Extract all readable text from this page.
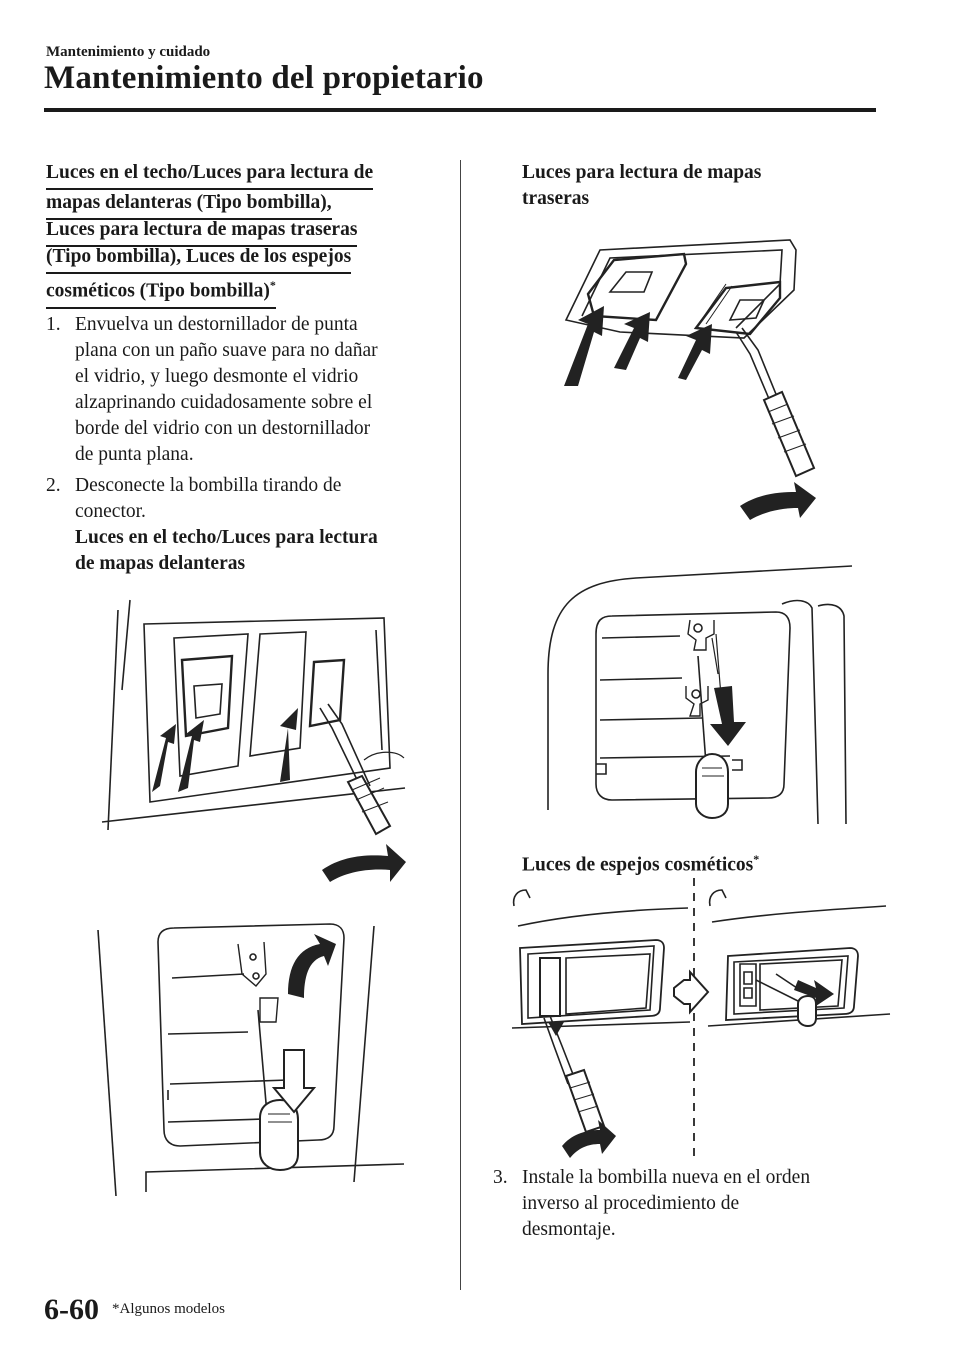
Mantenimiento y cuidado
Mantenimiento del propietario
Luces en el techo/Luces para lectura de
mapas delanteras (Tipo bombilla),
Luces para lectura de mapas traseras
(Tipo bombilla), Luces de los espejos
cosméticos (Tipo bombilla)*
1. Envuelva un destornillador de punta
plana con un paño suave para no dañar
el vidrio, y luego desmonte el vidrio
alzaprinando cuidadosamente sobre el
borde del vidrio con un destornillador
de punta plana.
2. Desconecte la bombilla tirando de
conector.
Luces en el techo/Luces para lectura
de mapas delanteras
Luces para lectura de mapas
traseras
Luces de espejos cosméticos*
3. Instale la bombilla nueva en el orden
inverso al procedimiento de
desmontaje.
6-60 *Algunos modelos
